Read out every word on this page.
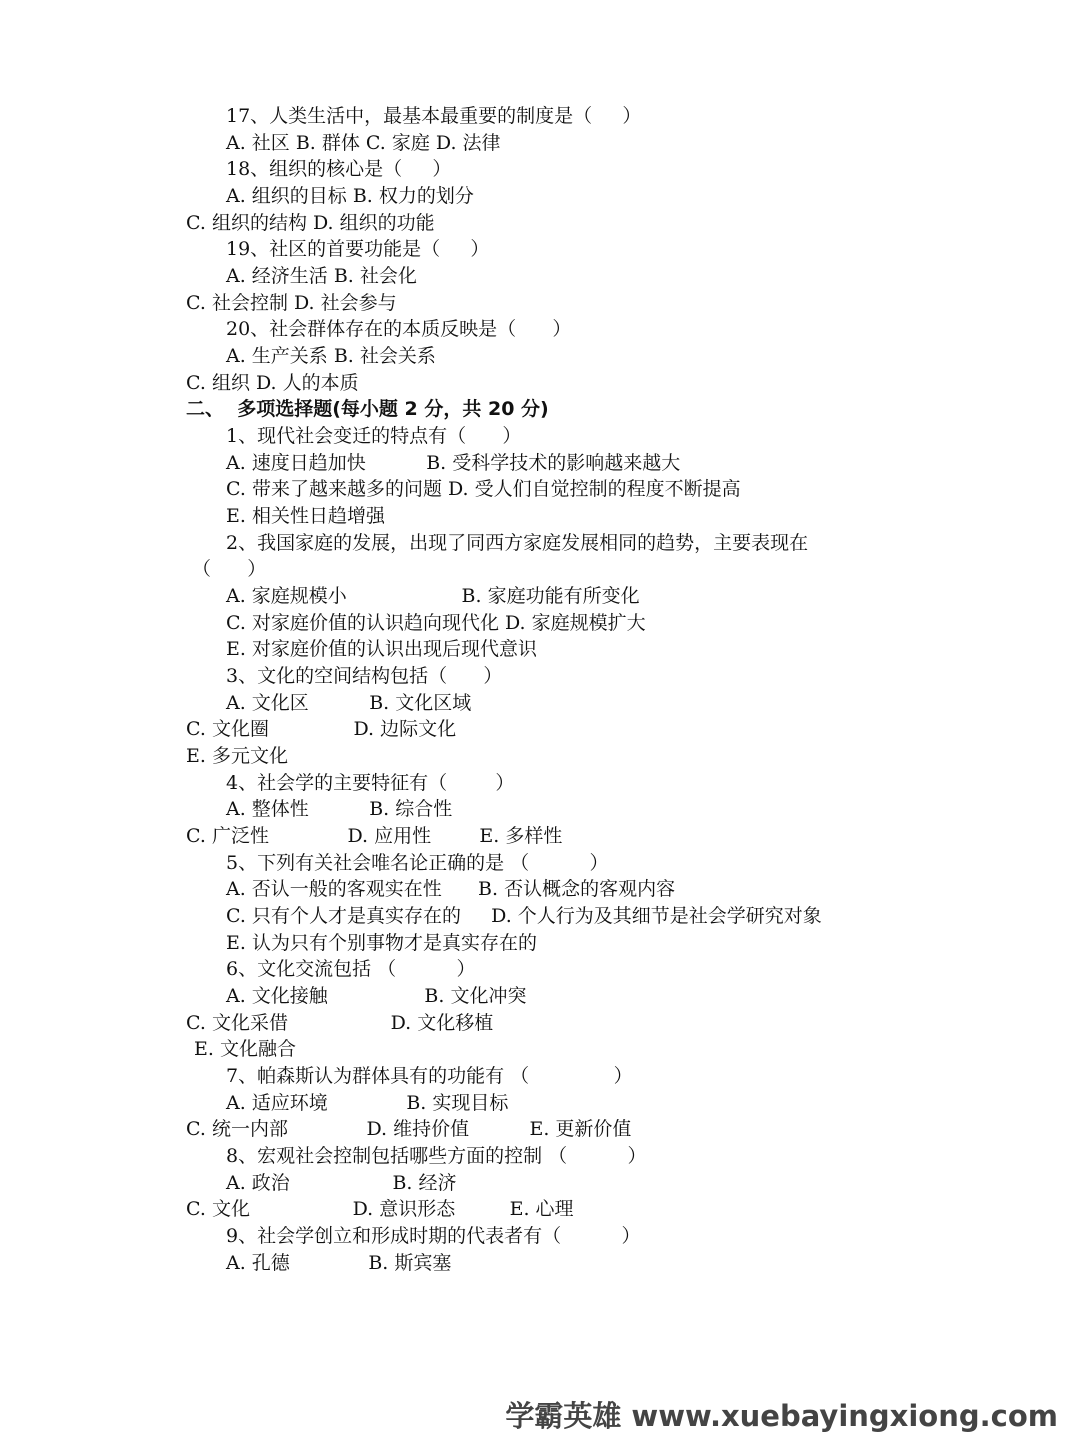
17、人类生活中，最基本最重要的制度是（     ）
A. 社区 B. 群体 C. 家庭 D. 法律
18、组织的核心是（     ）
A. 组织的目标 B. 权力的划分
C. 组织的结构 D. 组织的功能
19、社区的首要功能是（     ）
A. 经济生活 B. 社会化
C. 社会控制 D. 社会参与
20、社会群体存在的本质反映是（      ）
A. 生产关系 B. 社会关系
C. 组织 D. 人的本质
二、  多项选择题(每小题 2 分，共 20 分)
1、现代社会变迁的特点有（      ）
A. 速度日趋加快          B. 受科学技术的影响越来越大
C. 带来了越来越多的问题 D. 受人们自觉控制的程度不断提高
E. 相关性日趋增强
2、我国家庭的发展，出现了同西方家庭发展相同的趋势，主要表现在
（      ）
A. 家庭规模小                   B. 家庭功能有所变化
C. 对家庭价值的认识趋向现代化 D. 家庭规模扩大
E. 对家庭价值的认识出现后现代意识
3、文化的空间结构包括（      ）
A. 文化区          B. 文化区域
C. 文化圈              D. 边际文化
E. 多元文化
4、社会学的主要特征有（        ）
A. 整体性          B. 综合性
C. 广泛性             D. 应用性        E. 多样性
5、下列有关社会唯名论正确的是 （          ）
A. 否认一般的客观实在性      B. 否认概念的客观内容
C. 只有个人才是真实存在的     D. 个人行为及其细节是社会学研究对象
E. 认为只有个别事物才是真实存在的
6、文化交流包括 （          ）
A. 文化接触                B. 文化冲突
C. 文化采借                 D. 文化移植
E. 文化融合
7、帕森斯认为群体具有的功能有 （              ）
A. 适应环境             B. 实现目标
C. 统一内部             D. 维持价值          E. 更新价值
8、宏观社会控制包括哪些方面的控制 （          ）
A. 政治                 B. 经济
C. 文化                 D. 意识形态         E. 心理
9、社会学创立和形成时期的代表者有（          ）
A. 孔德             B. 斯宾塞
学霸英雄 www.xuebayingxiong.com
